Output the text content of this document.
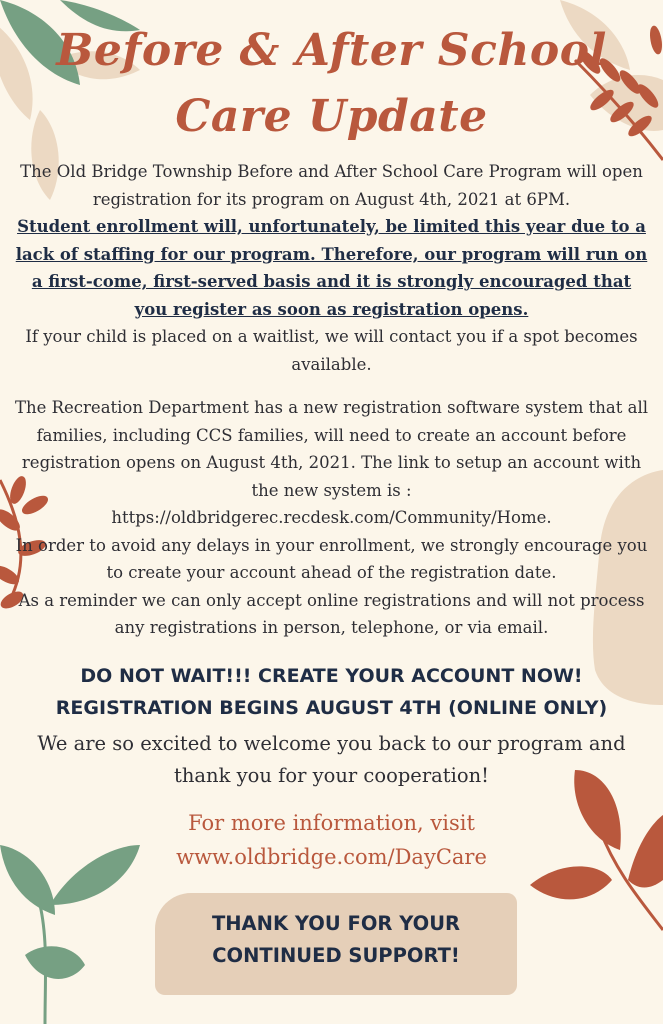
Before & After School
Care Update
The Old Bridge Township Before and After School Care Program will open registration for its program on August 4th, 2021 at 6PM.
Student enrollment will, unfortunately, be limited this year due to a lack of staffing for our program. Therefore, our program will run on a first-come, first-served basis and it is strongly encouraged that you register as soon as registration opens.
If your child is placed on a waitlist, we will contact you if a spot becomes available.
The Recreation Department has a new registration software system that all families, including CCS families, will need to create an account before registration opens on August 4th, 2021. The link to setup an account with the new system is :
https://oldbridgerec.recdesk.com/Community/Home.
In order to avoid any delays in your enrollment, we strongly encourage you to create your account ahead of the registration date.
As a reminder we can only accept online registrations and will not process any registrations in person, telephone, or via email.
DO NOT WAIT!!! CREATE YOUR ACCOUNT NOW!
REGISTRATION BEGINS AUGUST 4TH (ONLINE ONLY)
We are so excited to welcome you back to our program and thank you for your cooperation!
For more information, visit
www.oldbridge.com/DayCare
THANK YOU FOR YOUR
CONTINUED SUPPORT!
